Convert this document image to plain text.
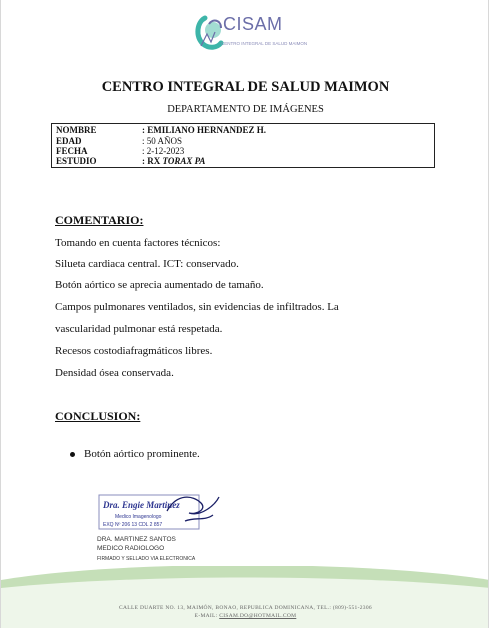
CISAM
CENTRO INTEGRAL DE SALUD MAIMON
CENTRO INTEGRAL DE SALUD MAIMON
DEPARTAMENTO DE IMÁGENES
NOMBRE	: EMILIANO HERNANDEZ H.
EDAD	: 50 AÑOS
FECHA	: 2-12-2023
ESTUDIO	: RX TORAX PA
COMENTARIO:
Tomando en cuenta factores técnicos:
Silueta cardiaca central. ICT: conservado.
Botón aórtico se aprecia aumentado de tamaño.
Campos pulmonares ventilados, sin evidencias de infiltrados. La
vascularidad pulmonar está respetada.
Recesos costodiafragmáticos libres.
Densidad ósea conservada.
CONCLUSION:
Botón aórtico prominente.
Dra. Engie Martinez
Medico Imagenologo
EXQ Nº 206 13 CDL 2 857
DRA. MARTINEZ SANTOS
MEDICO RADIOLOGO
FIRMADO Y SELLADO VIA ELECTRONICA
CALLE DUARTE NO. 13, MAIMÓN, BONAO, REPUBLICA DOMINICANA, TEL.: (809)-551-2306
E-MAIL: CISAM.DO@HOTMAIL.COM
